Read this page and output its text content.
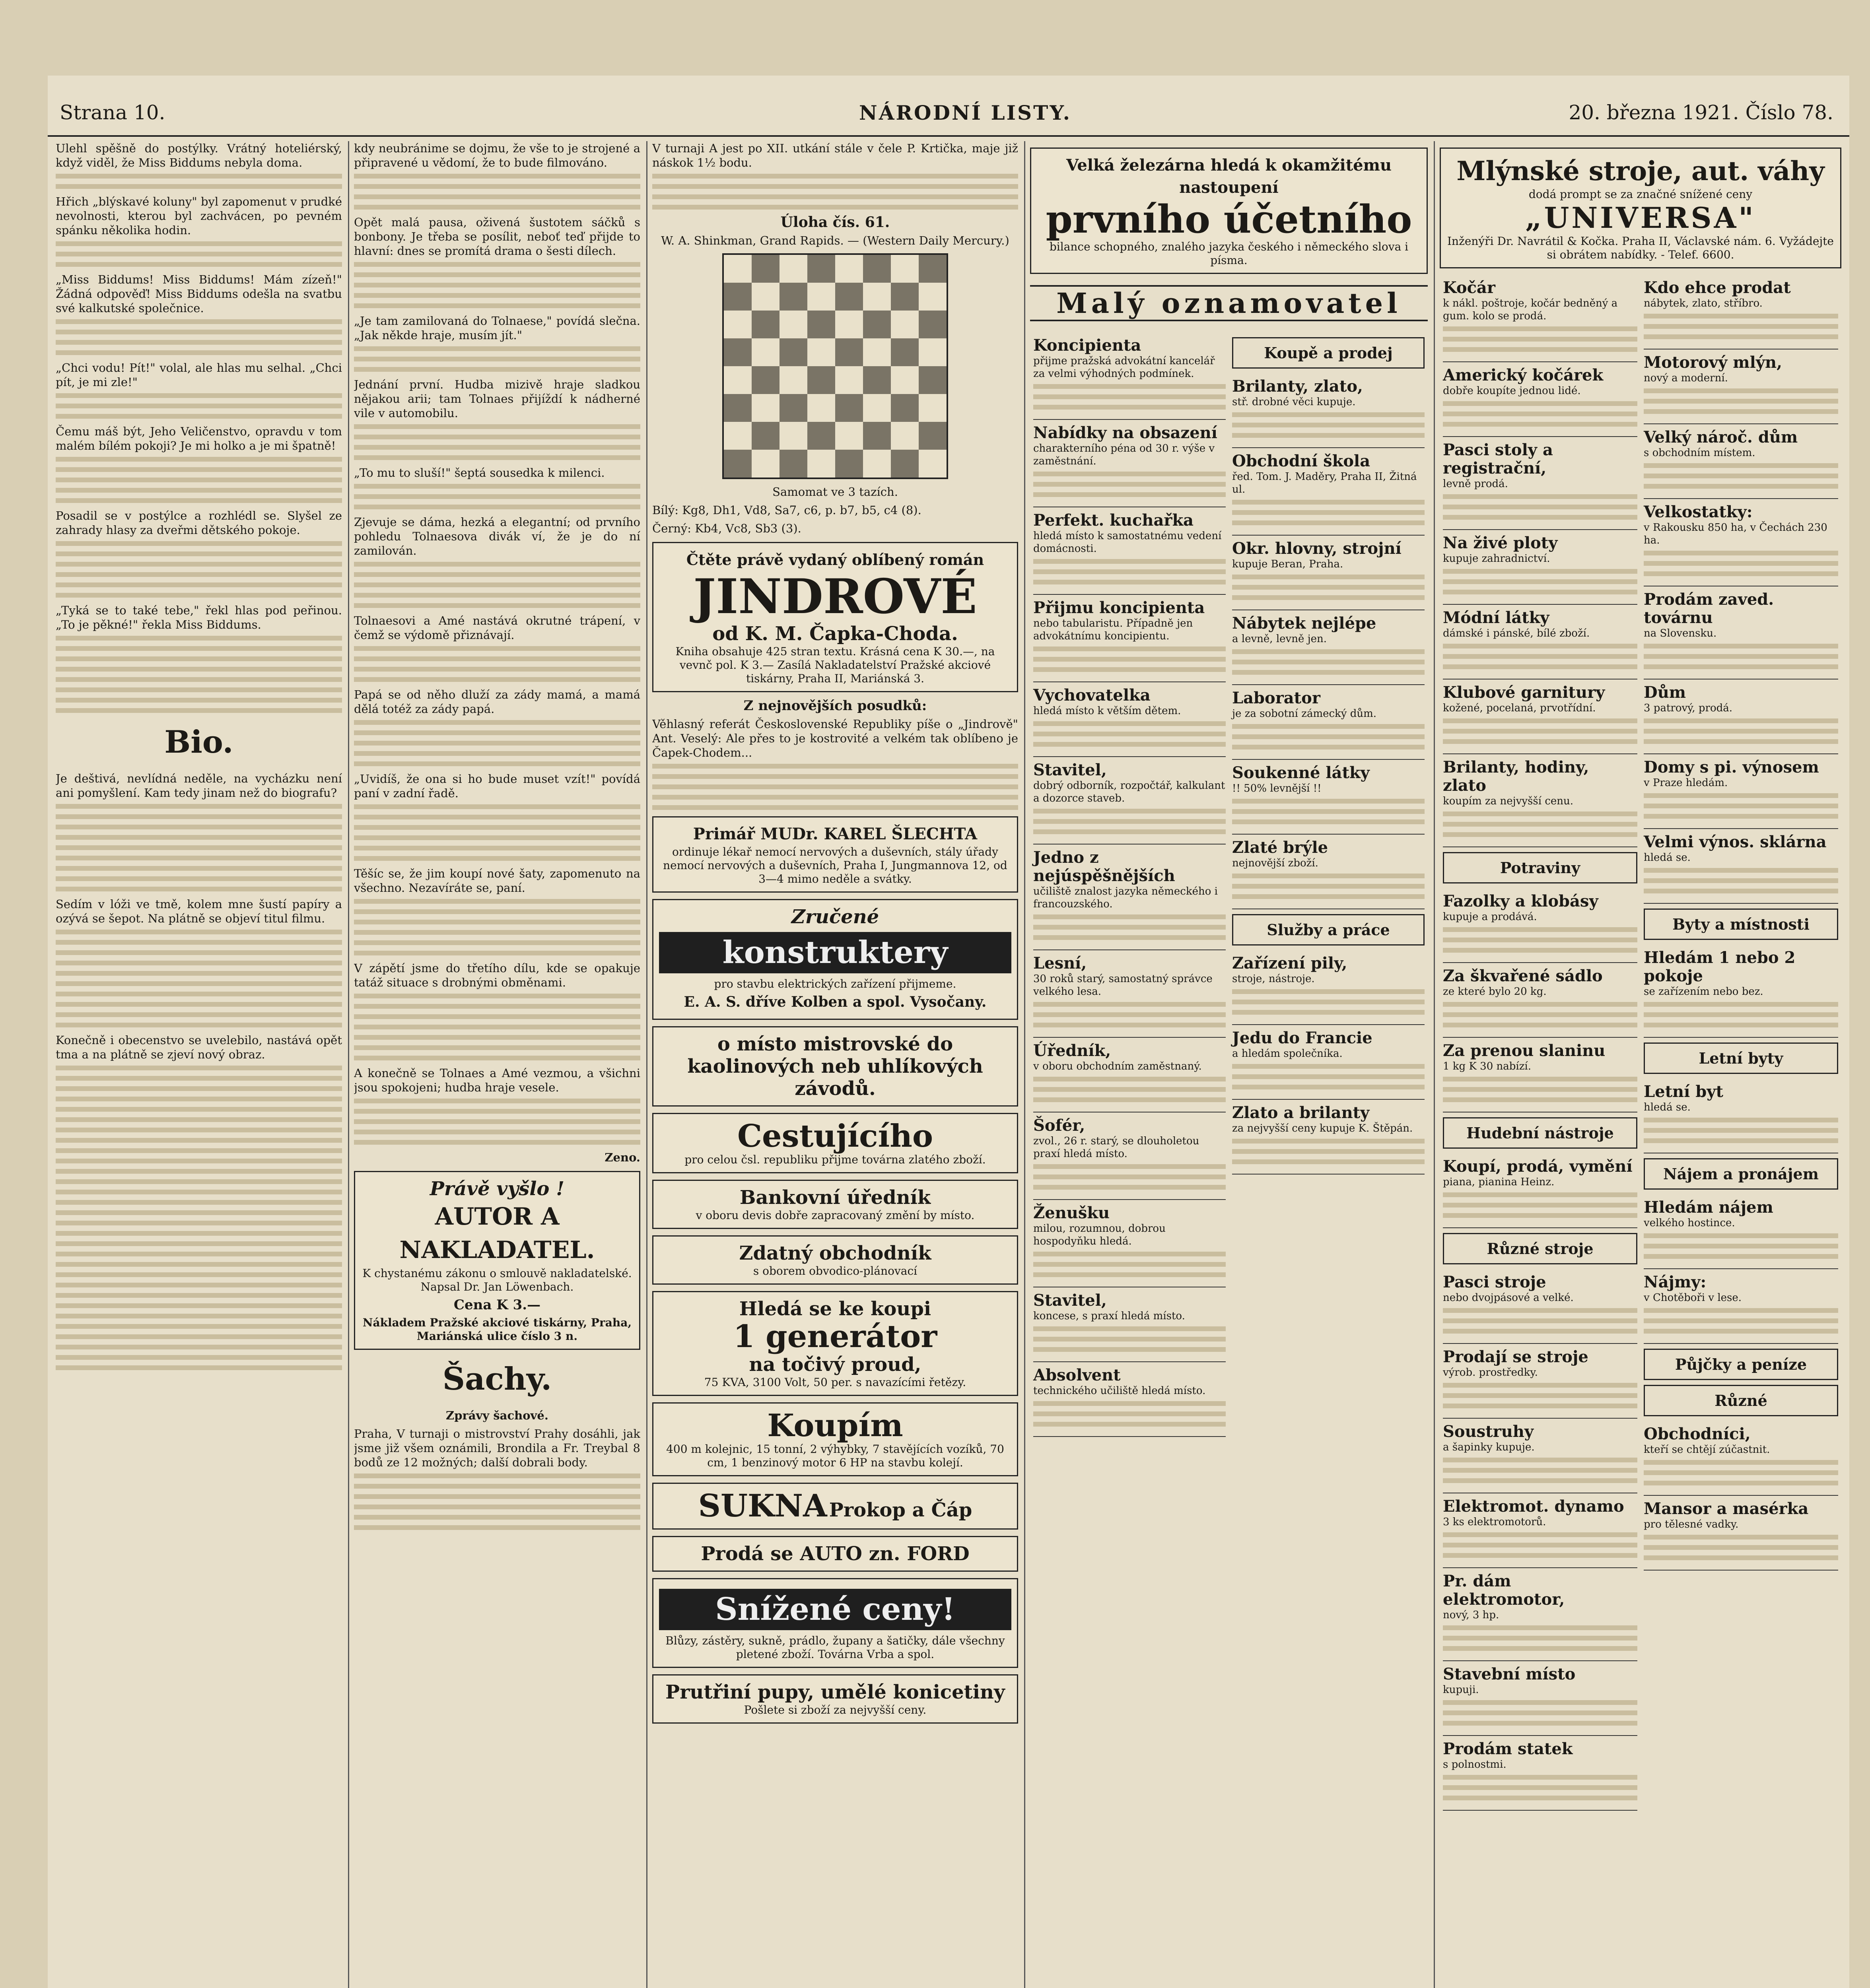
Strana 10.	NÁRODNÍ LISTY.	20. března 1921. Číslo 78.

Ulehl spěšně do postýlky. Vrátný hoteliérský, když viděl, že Miss Biddums nebyla doma.

Hřich „blýskavé koluny" byl zapomenut v prudké nevolnosti, kterou byl zachvácen, po pevném spánku několika hodin.

„Miss Biddums! Miss Biddums! Mám zízeň!" Žádná odpověď! Miss Biddums odešla na svatbu své kalkutské společnice.

„Chci vodu! Pít!" volal, ale hlas mu selhal. „Chci pít, je mi zle!"

Čemu máš být, Jeho Veličenstvo, opravdu v tom malém bílém pokoji? Je mi holko a je mi špatně!

Posadil se v postýlce a rozhlédl se. Slyšel ze zahrady hlasy za dveřmi dětského pokoje.

„Tyká se to také tebe," řekl hlas pod peřinou. „To je pěkné!" řekla Miss Biddums.

Bio.

Je deštivá, nevlídná neděle, na vycházku není ani pomyšlení. Kam tedy jinam než do biografu?

Sedím v lóži ve tmě, kolem mne šustí papíry a ozývá se šepot. Na plátně se objeví titul filmu.

Konečně i obecenstvo se uvelebilo, nastává opět tma a na plátně se zjeví nový obraz.

kdy neubránime se dojmu, že vše to je strojené a připravené u vědomí, že to bude filmováno.

Opět malá pausa, oživená šustotem sáčků s bonbony. Je třeba se posílit, neboť teď přijde to hlavní: dnes se promítá drama o šesti dílech.

„Je tam zamilovaná do Tolnaese," povídá slečna. „Jak někde hraje, musím jít."

Jednání první. Hudba mizivě hraje sladkou nějakou arii; tam Tolnaes přijíždí k nádherné vile v automobilu.

„To mu to sluší!" šeptá sousedka k milenci.

Zjevuje se dáma, hezká a elegantní; od prvního pohledu Tolnaesova divák ví, že je do ní zamilován.

Tolnaesovi a Amé nastává okrutné trápení, v čemž se výdomě přiznávají.

Papá se od něho dluží za zády mamá, a mamá dělá totéž za zády papá.

„Uvidíš, že ona si ho bude muset vzít!" povídá paní v zadní řadě.

Těšíc se, že jim koupí nové šaty, zapomenuto na všechno. Nezavíráte se, paní.

V zápětí jsme do třetího dílu, kde se opakuje tatáž situace s drobnými obměnami.

A konečně se Tolnaes a Amé vezmou, a všichni jsou spokojeni; hudba hraje vesele.

Zeno.

Právě vyšlo !
AUTOR A NAKLADATEL.
K chystanému zákonu o smlouvě nakladatelské. Napsal Dr. Jan Löwenbach.
Cena K 3.—
Nákladem Pražské akciové tiskárny, Praha, Mariánská ulice číslo 3 n.
Šachy.

Zprávy šachové.

Praha, V turnaji o mistrovství Prahy dosáhli, jak jsme již všem oznámili, Brondila a Fr. Treybal 8 bodů ze 12 možných; další dobrali body.

V turnaji A jest po XII. utkání stále v čele P. Krtička, maje již náskok 1½ bodu.

Úloha čís. 61.

W. A. Shinkman, Grand Rapids. — (Western Daily Mercury.)

Samomat ve 3 tazích.

Bílý: Kg8, Dh1, Vd8, Sa7, c6, p. b7, b5, c4 (8).

Černý: Kb4, Vc8, Sb3 (3).

Čtěte právě vydaný oblíbený román
JINDROVÉ
od K. M. Čapka-Choda.
Kniha obsahuje 425 stran textu. Krásná cena K 30.—, na vevnč pol. K 3.— Zasílá Nakladatelství Pražské akciové tiskárny, Praha II, Mariánská 3.

Z nejnovějších posudků:

Věhlasný referát Československé Republiky píše o „Jindrově" Ant. Veselý: Ale přes to je kostrovité a velkém tak oblíbeno je Čapek-Chodem...

Primář MUDr. KAREL ŠLECHTA
ordinuje lékař nemocí nervových a duševních, stály úřady nemocí nervových a duševních, Praha I, Jungmannova 12, od 3—4 mimo neděle a svátky.
Zručené
konstruktery
pro stavbu elektrických zařízení přijmeme.
E. A. S. dříve Kolben a spol. Vysočany.
o místo mistrovské do kaolinových neb uhlíkových závodů.
Cestujícího
pro celou čsl. republiku přijme továrna zlatého zboží.
Bankovní úředník
v oboru devis dobře zapracovaný změní by místo.
Zdatný obchodník
s oborem obvodico-plánovací
Hledá se ke koupi
1 generátor
na točivý proud,
75 KVA, 3100 Volt, 50 per. s navazícími řetězy.
Koupím
400 m kolejnic, 15 tonní, 2 výhybky, 7 stavějících vozíků, 70 cm, 1 benzinový motor 6 HP na stavbu kolejí.
SUKNA Prokop a Čáp
Prodá se AUTO zn. FORD
Snížené ceny!
Blůzy, zástěry, sukně, prádlo, župany a šatičky, dále všechny pletené zboží. Továrna Vrba a spol.
Prutřiní pupy, umělé konicetiny
Pošlete si zboží za nejvyšší ceny.
Velká železárna hledá k okamžitému nastoupení
prvního účetního
bilance schopného, znalého jazyka českého i německého slova i písma.
Malý oznamovatel
Koncipienta
přijme pražská advokátní kancelář za velmi výhodných podmínek.
Nabídky na obsazení
charakterního péna od 30 r. výše v zaměstnání.
Perfekt. kuchařka
hledá místo k samostatnému vedení domácnosti.
Přijmu koncipienta
nebo tabularistu. Případně jen advokátnímu koncipientu.
Vychovatelka
hledá místo k větším dětem.
Stavitel,
dobrý odborník, rozpočtář, kalkulant a dozorce staveb.
Jedno z nejúspěšnějších
učiliště znalost jazyka německého i francouzského.
Lesní,
30 roků starý, samostatný správce velkého lesa.
Úředník,
v oboru obchodním zaměstnaný.
Šofér,
zvol., 26 r. starý, se dlouholetou praxí hledá místo.
Ženušku
milou, rozumnou, dobrou hospodyňku hledá.
Stavitel,
koncese, s praxí hledá místo.
Absolvent
technického učiliště hledá místo.
Koupě a prodej
Brilanty, zlato,
stř. drobné věci kupuje.
Obchodní škola
řed. Tom. J. Maděry, Praha II, Žitná ul.
Okr. hlovny, strojní
kupuje Beran, Praha.
Nábytek nejlépe
a levně, levně jen.
Laborator
je za sobotní zámecký dům.
Soukenné látky
!! 50% levnější !!
Zlaté brýle
nejnovější zboží.
Služby a práce
Zařízení pily,
stroje, nástroje.
Jedu do Francie
a hledám společníka.
Zlato a brilanty
za nejvyšší ceny kupuje K. Štěpán.
Mlýnské stroje, aut. váhy
dodá prompt se za značné snížené ceny
„UNIVERSA"
Inženýři Dr. Navrátil & Kočka. Praha II, Václavské nám. 6. Vyžádejte si obrátem nabídky. - Telef. 6600.
Kočár
k nákl. poštroje, kočár bedněný a gum. kolo se prodá.
Americký kočárek
dobře koupíte jednou lidé.
Pasci stoly a registrační,
levně prodá.
Na živé ploty
kupuje zahradnictví.
Módní látky
dámské i pánské, bílé zboží.
Klubové garnitury
kožené, pocelaná, prvotřídní.
Brilanty, hodiny, zlato
koupím za nejvyšší cenu.
Potraviny
Fazolky a klobásy
kupuje a prodává.
Za škvařené sádlo
ze které bylo 20 kg.
Za prenou slaninu
1 kg K 30 nabízí.
Hudební nástroje
Koupí, prodá, vymění
piana, pianina Heinz.
Různé stroje
Pasci stroje
nebo dvojpásové a velké.
Prodají se stroje
výrob. prostředky.
Soustruhy
a šapinky kupuje.
Elektromot. dynamo
3 ks elektromotorů.
Pr. dám elektromotor,
nový, 3 hp.
Stavební místo
kupuji.
Prodám statek
s polnostmi.
Kdo ehce prodat
nábytek, zlato, stříbro.
Motorový mlýn,
nový a moderní.
Velký nároč. dům
s obchodním místem.
Velkostatky:
v Rakousku 850 ha, v Čechách 230 ha.
Prodám zaved. továrnu
na Slovensku.
Dům
3 patrový, prodá.
Domy s pi. výnosem
v Praze hledám.
Velmi výnos. sklárna
hledá se.
Byty a místnosti
Hledám 1 nebo 2 pokoje
se zařízením nebo bez.
Letní byty
Letní byt
hledá se.
Nájem a pronájem
Hledám nájem
velkého hostince.
Nájmy:
v Chotěboři v lese.
Půjčky a peníze
Různé
Obchodníci,
kteří se chtějí zúčastnit.
Mansor a masérka
pro tělesné vadky.
